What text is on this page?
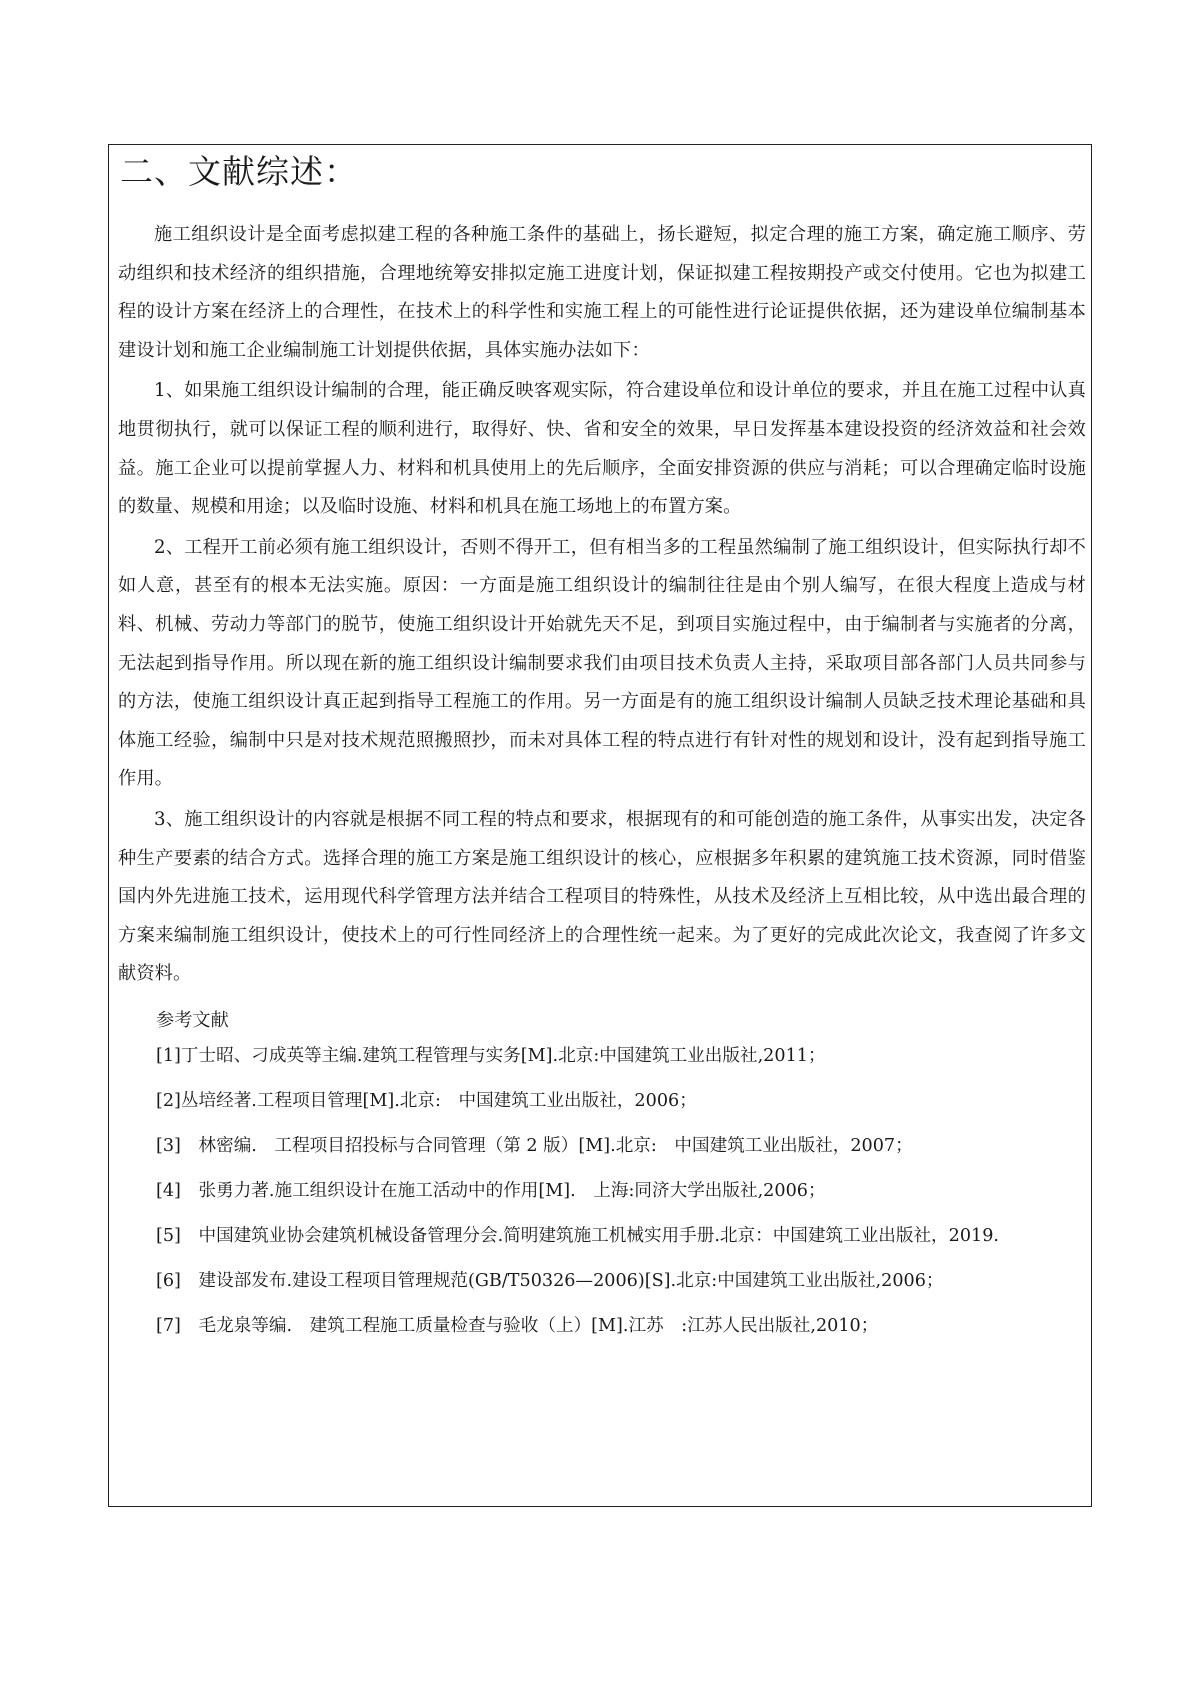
二、文献综述：

施工组织设计是全面考虑拟建工程的各种施工条件的基础上，扬长避短，拟定合理的施工方案，确定施工顺序、劳动组织和技术经济的组织措施，合理地统筹安排拟定施工进度计划，保证拟建工程按期投产或交付使用。它也为拟建工程的设计方案在经济上的合理性，在技术上的科学性和实施工程上的可能性进行论证提供依据，还为建设单位编制基本建设计划和施工企业编制施工计划提供依据，具体实施办法如下：

1、如果施工组织设计编制的合理，能正确反映客观实际，符合建设单位和设计单位的要求，并且在施工过程中认真地贯彻执行，就可以保证工程的顺利进行，取得好、快、省和安全的效果，早日发挥基本建设投资的经济效益和社会效益。施工企业可以提前掌握人力、材料和机具使用上的先后顺序，全面安排资源的供应与消耗；可以合理确定临时设施的数量、规模和用途；以及临时设施、材料和机具在施工场地上的布置方案。

2、工程开工前必须有施工组织设计，否则不得开工，但有相当多的工程虽然编制了施工组织设计，但实际执行却不如人意，甚至有的根本无法实施。原因：一方面是施工组织设计的编制往往是由个别人编写，在很大程度上造成与材料、机械、劳动力等部门的脱节，使施工组织设计开始就先天不足，到项目实施过程中，由于编制者与实施者的分离，无法起到指导作用。所以现在新的施工组织设计编制要求我们由项目技术负责人主持，采取项目部各部门人员共同参与的方法，使施工组织设计真正起到指导工程施工的作用。另一方面是有的施工组织设计编制人员缺乏技术理论基础和具体施工经验，编制中只是对技术规范照搬照抄，而未对具体工程的特点进行有针对性的规划和设计，没有起到指导施工作用。

3、施工组织设计的内容就是根据不同工程的特点和要求，根据现有的和可能创造的施工条件，从事实出发，决定各种生产要素的结合方式。选择合理的施工方案是施工组织设计的核心，应根据多年积累的建筑施工技术资源，同时借鉴国内外先进施工技术，运用现代科学管理方法并结合工程项目的特殊性，从技术及经济上互相比较，从中选出最合理的方案来编制施工组织设计，使技术上的可行性同经济上的合理性统一起来。为了更好的完成此次论文，我查阅了许多文献资料。

参考文献
[1]丁士昭、刁成英等主编.建筑工程管理与实务[M].北京:中国建筑工业出版社,2011；
[2]丛培经著.工程项目管理[M].北京:　中国建筑工业出版社，2006；
[3]　林密编.　工程项目招投标与合同管理（第 2 版）[M].北京:　中国建筑工业出版社，2007；
[4]　张勇力著.施工组织设计在施工活动中的作用[M].　上海:同济大学出版社,2006；
[5]　中国建筑业协会建筑机械设备管理分会.简明建筑施工机械实用手册.北京：中国建筑工业出版社，2019.
[6]　建设部发布.建设工程项目管理规范(GB/T50326—2006)[S].北京:中国建筑工业出版社,2006；
[7]　毛龙泉等编.　建筑工程施工质量检查与验收（上）[M].江苏　:江苏人民出版社,2010；
